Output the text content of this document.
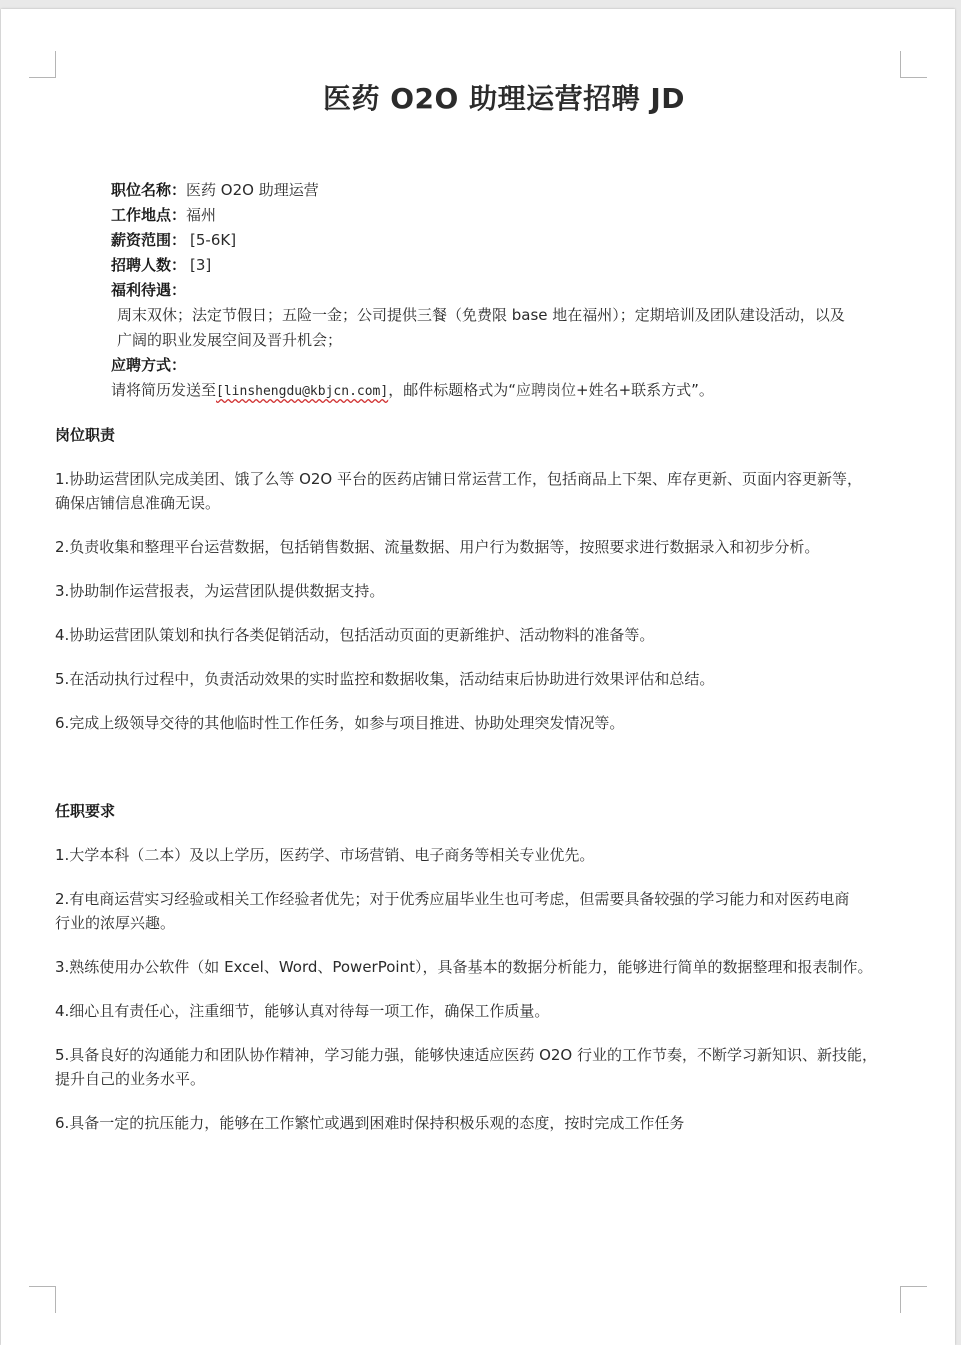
医药 O2O 助理运营招聘 JD
职位名称：医药 O2O 助理运营
工作地点：福州
薪资范围： [5-6K]
招聘人数： [3]
福利待遇：
周末双休；法定节假日；五险一金；公司提供三餐（免费限 base 地在福州）；定期培训及团队建设活动，以及
广阔的职业发展空间及晋升机会；
应聘方式：
请将简历发送至[linshengdu@kbjcn.com]，邮件标题格式为“应聘岗位+姓名+联系方式”。
岗位职责

1.协助运营团队完成美团、饿了么等 O2O 平台的医药店铺日常运营工作，包括商品上下架、库存更新、页面内容更新等，
确保店铺信息准确无误。

2.负责收集和整理平台运营数据，包括销售数据、流量数据、用户行为数据等，按照要求进行数据录入和初步分析。

3.协助制作运营报表，为运营团队提供数据支持。

4.协助运营团队策划和执行各类促销活动，包括活动页面的更新维护、活动物料的准备等。

5.在活动执行过程中，负责活动效果的实时监控和数据收集，活动结束后协助进行效果评估和总结。

6.完成上级领导交待的其他临时性工作任务，如参与项目推进、协助处理突发情况等。

任职要求

1.大学本科（二本）及以上学历，医药学、市场营销、电子商务等相关专业优先。

2.有电商运营实习经验或相关工作经验者优先；对于优秀应届毕业生也可考虑，但需要具备较强的学习能力和对医药电商
行业的浓厚兴趣。

3.熟练使用办公软件（如 Excel、Word、PowerPoint），具备基本的数据分析能力，能够进行简单的数据整理和报表制作。

4.细心且有责任心，注重细节，能够认真对待每一项工作，确保工作质量。

5.具备良好的沟通能力和团队协作精神，学习能力强，能够快速适应医药 O2O 行业的工作节奏，不断学习新知识、新技能，
提升自己的业务水平。

6.具备一定的抗压能力，能够在工作繁忙或遇到困难时保持积极乐观的态度，按时完成工作任务
